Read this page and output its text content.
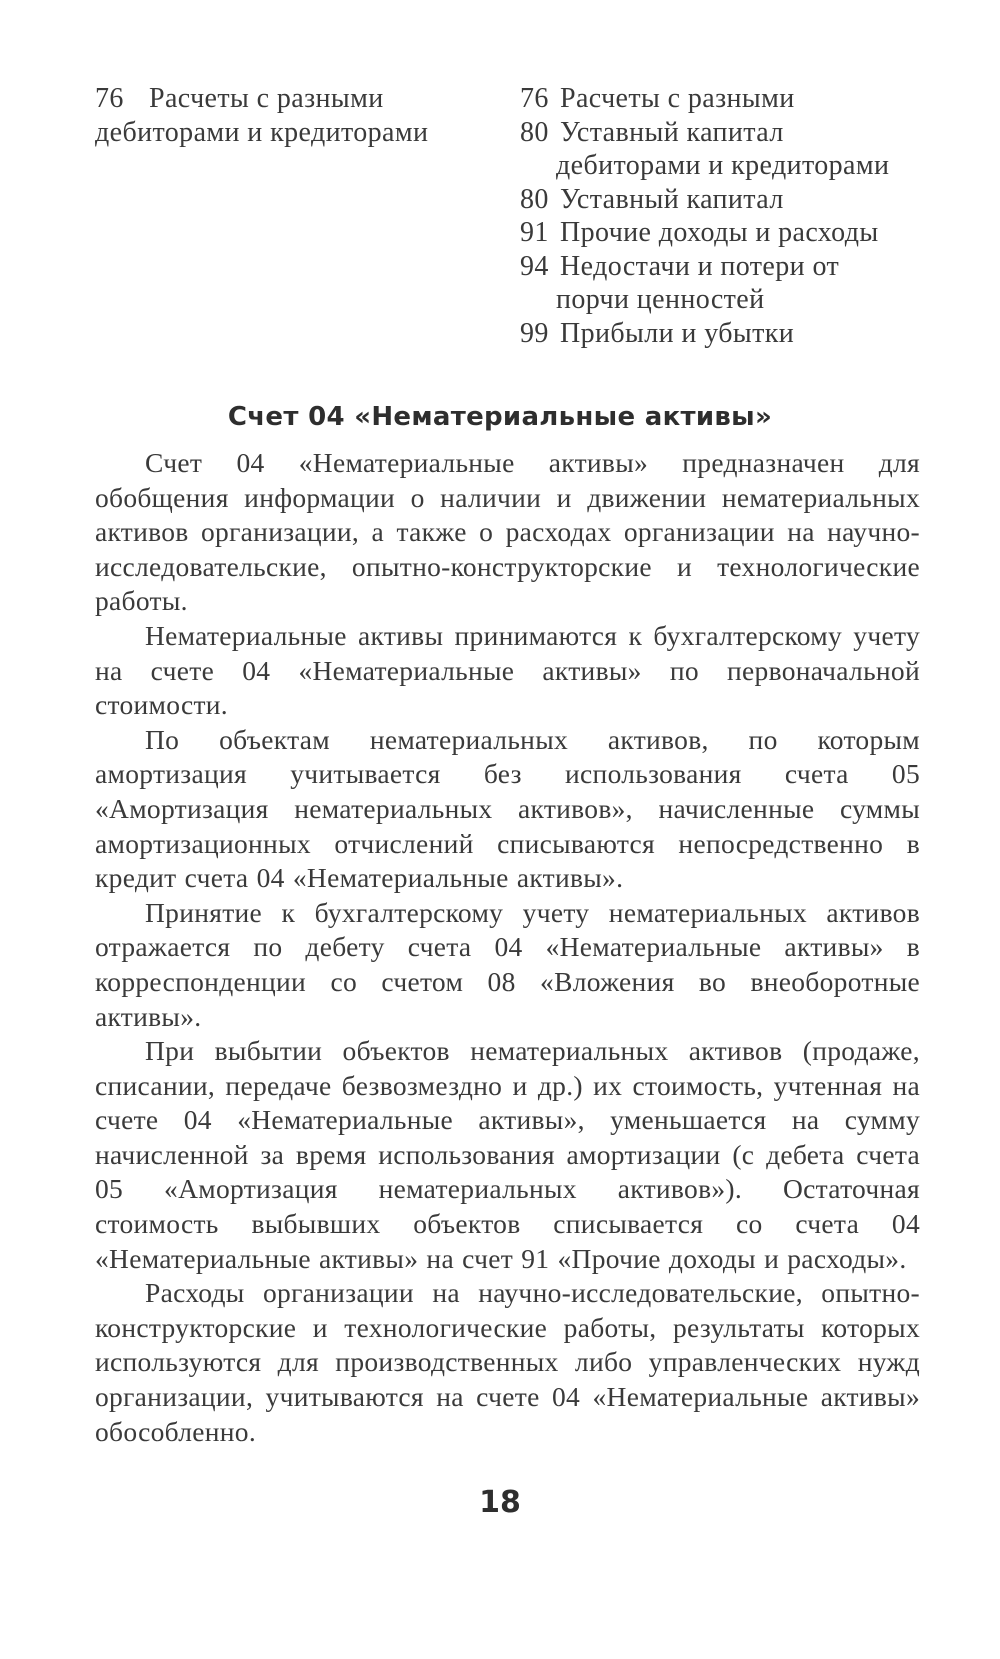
76 Расчеты с разными
дебиторами и кредиторами
76 Расчеты с разными
80 Уставный капитал
дебиторами и кредиторами
80 Уставный капитал
91 Прочие доходы и расходы
94 Недостачи и потери от
порчи ценностей
99 Прибыли и убытки
Счет 04 «Нематериальные активы»

Счет 04 «Нематериальные активы» предназначен для обобщения информации о наличии и движении нематериальных активов организации, а также о расходах организации на научно-исследовательские, опытно-конструкторские и технологические работы.

Нематериальные активы принимаются к бухгалтерскому учету на счете 04 «Нематериальные активы» по первоначальной стоимости.

По объектам нематериальных активов, по которым амортизация учитывается без использования счета 05 «Амортизация нематериальных активов», начисленные суммы амортизационных отчислений списываются непосредственно в кредит счета 04 «Нематериальные активы».

Принятие к бухгалтерскому учету нематериальных активов отражается по дебету счета 04 «Нематериальные активы» в корреспонденции со счетом 08 «Вложения во внеоборотные активы».

При выбытии объектов нематериальных активов (продаже, списании, передаче безвозмездно и др.) их стоимость, учтенная на счете 04 «Нематериальные активы», уменьшается на сумму начисленной за время использования амортизации (с дебета счета 05 «Амортизация нематериальных активов»). Остаточная стоимость выбывших объектов списывается со счета 04 «Нематериальные активы» на счет 91 «Прочие доходы и расходы».

Расходы организации на научно-исследовательские, опытно-конструкторские и технологические работы, результаты которых используются для производственных либо управленческих нужд организации, учитываются на счете 04 «Нематериальные активы» обособленно.

18
